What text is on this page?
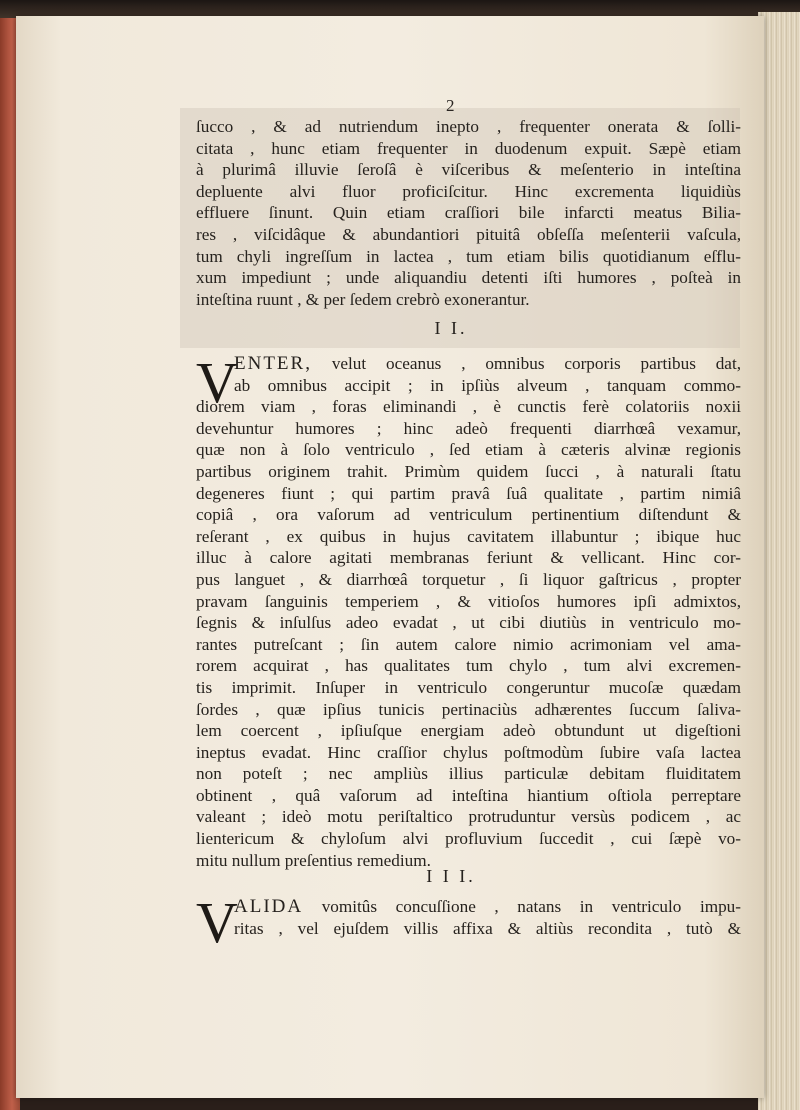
2
ſucco , & ad nutriendum inepto , frequenter onerata & ſolli-
citata , hunc etiam frequenter in duodenum expuit. Sæpè etiam
à plurimâ illuvie ſeroſâ è viſceribus & meſenterio in inteſtina
depluente alvi fluor proficiſcitur. Hinc excrementa liquidiùs
effluere ſinunt. Quin etiam craſſiori bile infarcti meatus Bilia-
res , viſcidâque & abundantiori pituitâ obſeſſa meſenterii vaſcula,
tum chyli ingreſſum in lactea , tum etiam bilis quotidianum eſflu-
xum impediunt ; unde aliquandiu detenti iſti humores , poſteà in
inteſtina ruunt , & per ſedem crebrò exonerantur.
I I.
V
ENTER, velut oceanus , omnibus corporis partibus dat,
ab omnibus accipit ; in ipſiùs alveum , tanquam commo-
diorem viam , foras eliminandi , è cunctis ferè colatoriis noxii
devehuntur humores ; hinc adeò frequenti diarrhœâ vexamur,
quæ non à ſolo ventriculo , ſed etiam à cæteris alvinæ regionis
partibus originem trahit. Primùm quidem ſucci , à naturali ſtatu
degeneres fiunt ; qui partim pravâ ſuâ qualitate , partim nimiâ
copiâ , ora vaſorum ad ventriculum pertinentium diſtendunt &
reſerant , ex quibus in hujus cavitatem illabuntur ; ibique huc
illuc à calore agitati membranas feriunt & vellicant. Hinc cor-
pus languet , & diarrhœâ torquetur , ſi liquor gaſtricus , propter
pravam ſanguinis temperiem , & vitioſos humores ipſi admixtos,
ſegnis & inſulſus adeo evadat , ut cibi diutiùs in ventriculo mo-
rantes putreſcant ; ſin autem calore nimio acrimoniam vel ama-
rorem acquirat , has qualitates tum chylo , tum alvi excremen-
tis imprimit. Inſuper in ventriculo congeruntur mucoſæ quædam
ſordes , quæ ipſius tunicis pertinaciùs adhærentes ſuccum ſaliva-
lem coercent , ipſiuſque energiam adeò obtundunt ut digeſtioni
ineptus evadat. Hinc craſſior chylus poſtmodùm ſubire vaſa lactea
non poteſt ; nec ampliùs illius particulæ debitam fluiditatem
obtinent , quâ vaſorum ad inteſtina hiantium oſtiola perreptare
valeant ; ideò motu periſtaltico protruduntur versùs podicem , ac
lientericum & chyloſum alvi profluvium ſuccedit , cui ſæpè vo-
mitu nullum preſentius remedium.
I I I.
V
ALIDA vomitûs concuſſione , natans in ventriculo impu-
ritas , vel ejuſdem villis affixa & altiùs recondita , tutò &
